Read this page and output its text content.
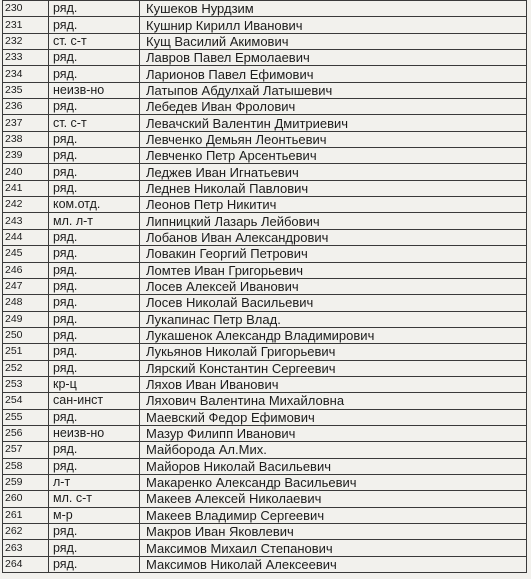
230	ряд.	Кушеков Нурдзим
231	ряд.	Кушнир Кирилл Иванович
232	ст. с-т	Кущ Василий Акимович
233	ряд.	Лавров Павел Ермолаевич
234	ряд.	Ларионов Павел Ефимович
235	неизв-но	Латыпов Абдулхай Латышевич
236	ряд.	Лебедев Иван Фролович
237	ст. с-т	Левачский Валентин Дмитриевич
238	ряд.	Левченко Демьян Леонтьевич
239	ряд.	Левченко Петр Арсентьевич
240	ряд.	Леджев Иван Игнатьевич
241	ряд.	Леднев Николай Павлович
242	ком.отд.	Леонов Петр Никитич
243	мл. л-т	Липницкий Лазарь Лейбович
244	ряд.	Лобанов Иван Александрович
245	ряд.	Ловакин Георгий Петрович
246	ряд.	Ломтев Иван Григорьевич
247	ряд.	Лосев Алексей Иванович
248	ряд.	Лосев Николай Васильевич
249	ряд.	Лукапинас Петр Влад.
250	ряд.	Лукашенок Александр Владимирович
251	ряд.	Лукьянов Николай Григорьевич
252	ряд.	Лярский Константин Сергеевич
253	кр-ц	Ляхов Иван Иванович
254	сан-инст	Ляхович Валентина Михайловна
255	ряд.	Маевский Федор Ефимович
256	неизв-но	Мазур Филипп Иванович
257	ряд.	Майборода Ал.Мих.
258	ряд.	Майоров Николай Васильевич
259	л-т	Макаренко Александр Васильевич
260	мл. с-т	Макеев Алексей Николаевич
261	м-р	Макеев Владимир Сергеевич
262	ряд.	Макров Иван Яковлевич
263	ряд.	Максимов Михаил Степанович
264	ряд.	Максимов Николай Алексеевич
